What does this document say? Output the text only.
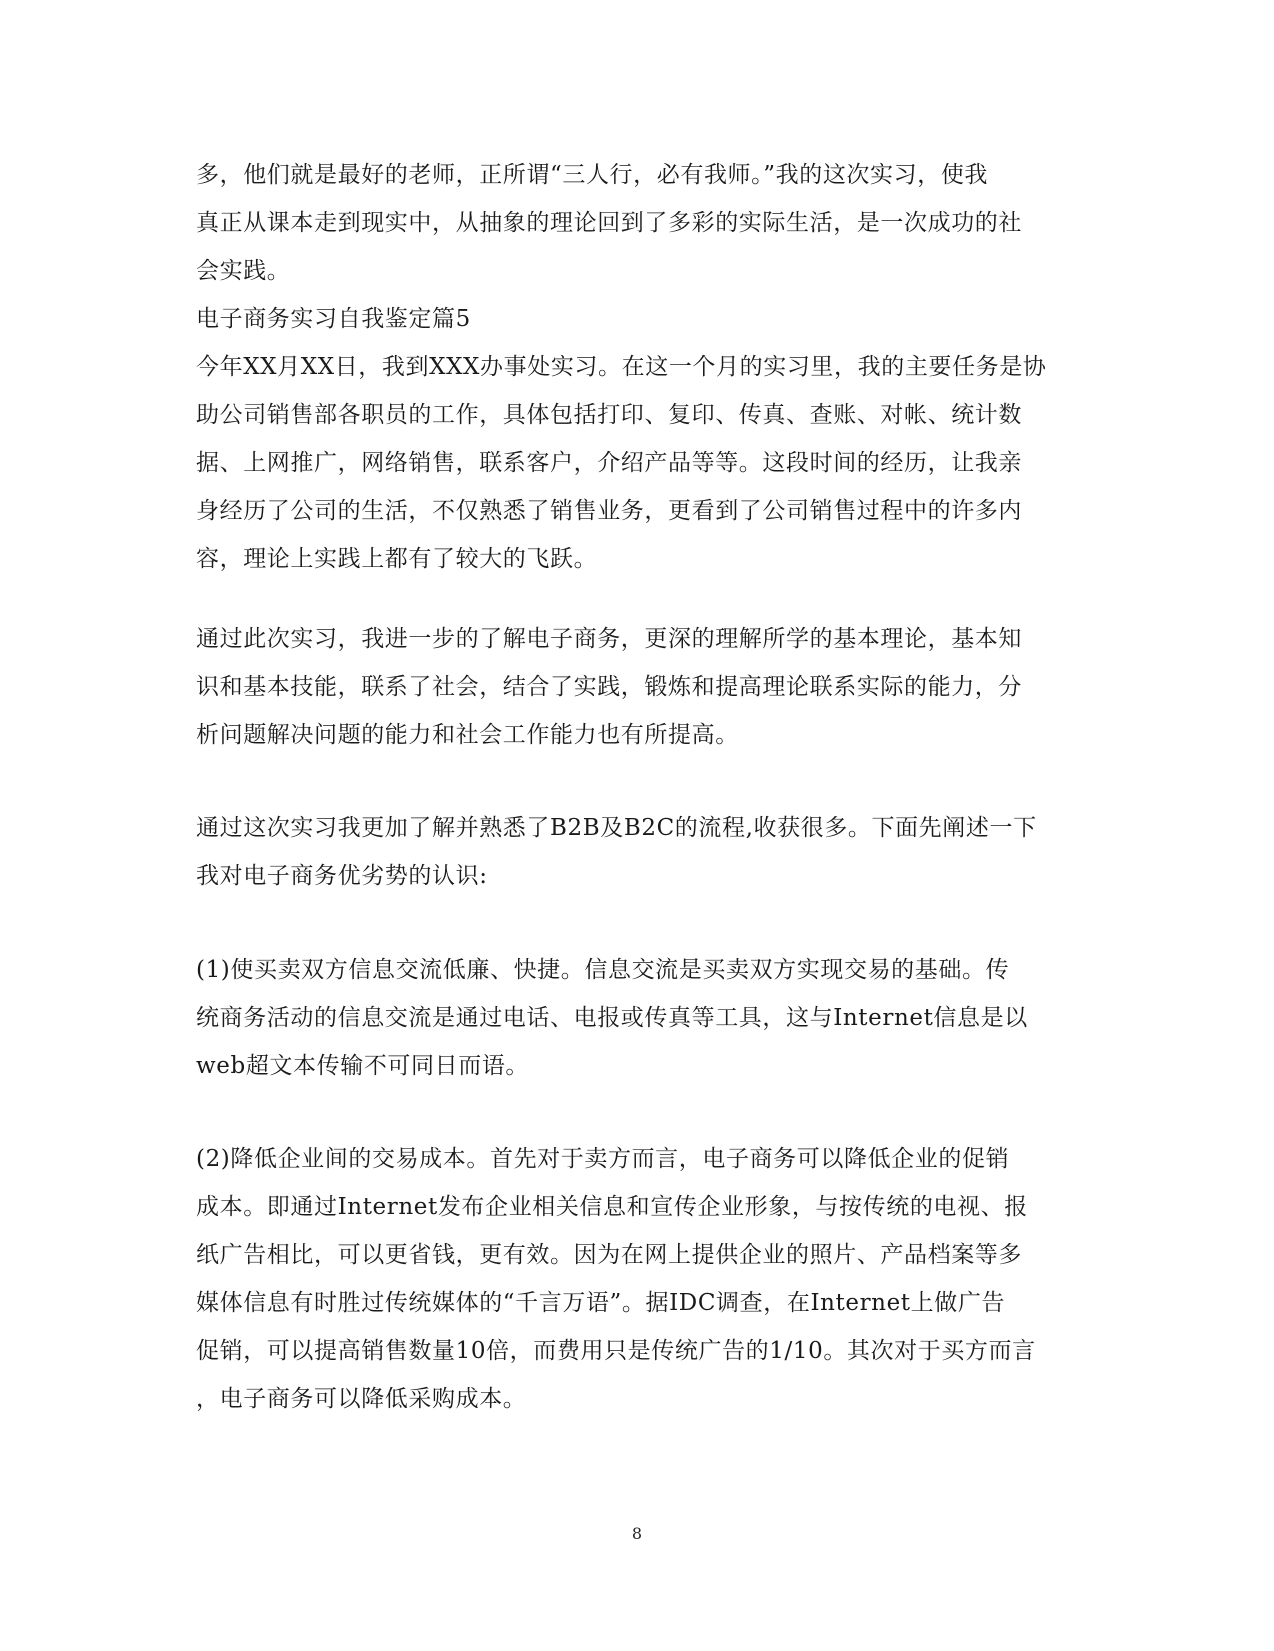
多，他们就是最好的老师，正所谓“三人行，必有我师。”我的这次实习，使我
真正从课本走到现实中，从抽象的理论回到了多彩的实际生活，是一次成功的社
会实践。
电子商务实习自我鉴定篇5
今年XX月XX日，我到XXX办事处实习。在这一个月的实习里，我的主要任务是协
助公司销售部各职员的工作，具体包括打印、复印、传真、查账、对帐、统计数
据、上网推广，网络销售，联系客户，介绍产品等等。这段时间的经历，让我亲
身经历了公司的生活，不仅熟悉了销售业务，更看到了公司销售过程中的许多内
容，理论上实践上都有了较大的飞跃。
通过此次实习，我进一步的了解电子商务，更深的理解所学的基本理论，基本知
识和基本技能，联系了社会，结合了实践，锻炼和提高理论联系实际的能力，分
析问题解决问题的能力和社会工作能力也有所提高。
通过这次实习我更加了解并熟悉了B2B及B2C的流程,收获很多。下面先阐述一下
我对电子商务优劣势的认识:
(1)使买卖双方信息交流低廉、快捷。信息交流是买卖双方实现交易的基础。传
统商务活动的信息交流是通过电话、电报或传真等工具，这与Internet信息是以
web超文本传输不可同日而语。
(2)降低企业间的交易成本。首先对于卖方而言，电子商务可以降低企业的促销
成本。即通过Internet发布企业相关信息和宣传企业形象，与按传统的电视、报
纸广告相比，可以更省钱，更有效。因为在网上提供企业的照片、产品档案等多
媒体信息有时胜过传统媒体的“千言万语”。据IDC调查，在Internet上做广告
促销，可以提高销售数量10倍，而费用只是传统广告的1/10。其次对于买方而言
，电子商务可以降低采购成本。
8
